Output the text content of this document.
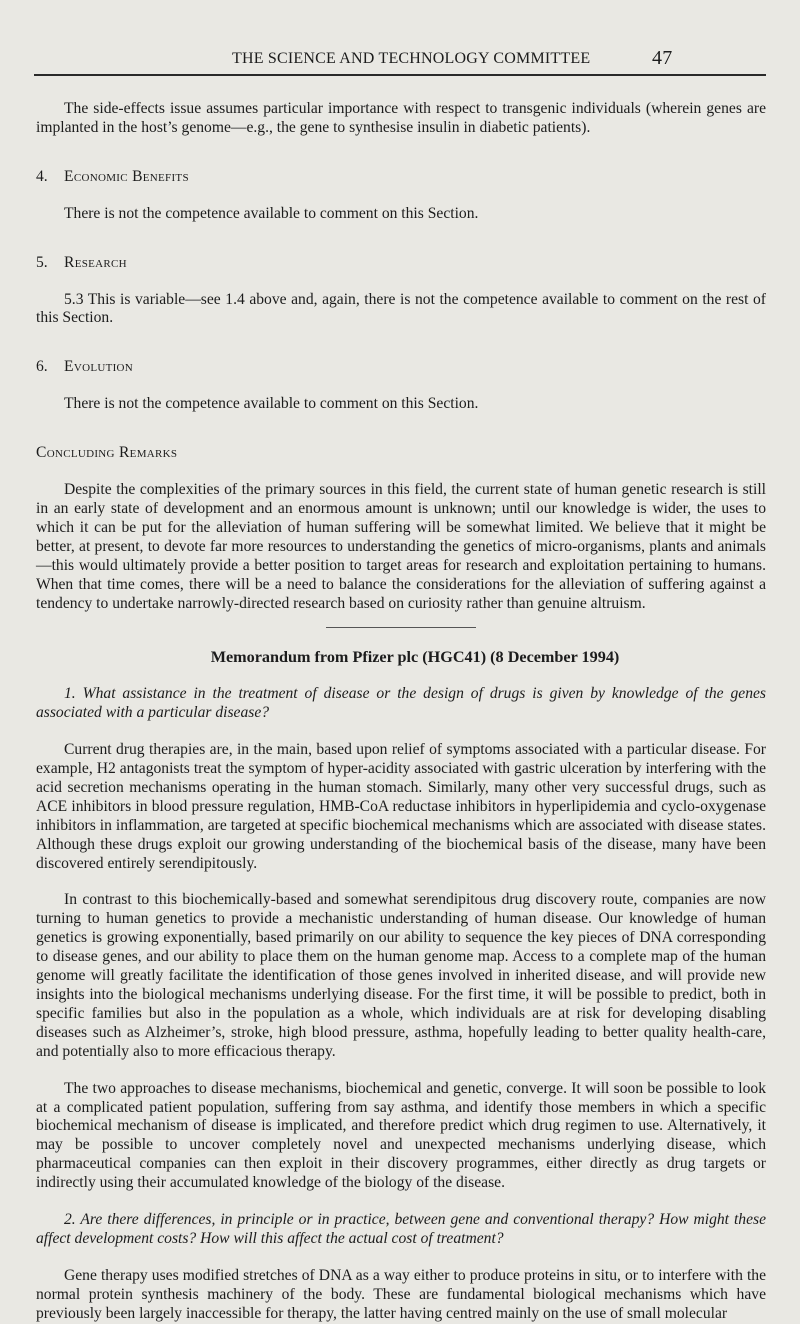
THE SCIENCE AND TECHNOLOGY COMMITTEE	47

The side-effects issue assumes particular importance with respect to transgenic individuals (wherein genes are implanted in the host’s genome—e.g., the gene to synthesise insulin in diabetic patients).

4. Economic Benefits

There is not the competence available to comment on this Section.

5. Research

5.3 This is variable—see 1.4 above and, again, there is not the competence available to comment on the rest of this Section.

6. Evolution

There is not the competence available to comment on this Section.

Concluding Remarks

Despite the complexities of the primary sources in this field, the current state of human genetic research is still in an early state of development and an enormous amount is unknown; until our knowledge is wider, the uses to which it can be put for the alleviation of human suffering will be somewhat limited. We believe that it might be better, at present, to devote far more resources to understanding the genetics of micro-organisms, plants and animals—this would ultimately provide a better position to target areas for research and exploitation pertaining to humans. When that time comes, there will be a need to balance the considerations for the alleviation of suffering against a tendency to undertake narrowly-directed research based on curiosity rather than genuine altruism.

Memorandum from Pfizer plc (HGC41) (8 December 1994)

1. What assistance in the treatment of disease or the design of drugs is given by knowledge of the genes associated with a particular disease?

Current drug therapies are, in the main, based upon relief of symptoms associated with a particular disease. For example, H2 antagonists treat the symptom of hyper-acidity associated with gastric ulceration by interfering with the acid secretion mechanisms operating in the human stomach. Similarly, many other very successful drugs, such as ACE inhibitors in blood pressure regulation, HMB-CoA reductase inhibitors in hyperlipidemia and cyclo-oxygenase inhibitors in inflammation, are targeted at specific biochemical mechanisms which are associated with disease states. Although these drugs exploit our growing understanding of the biochemical basis of the disease, many have been discovered entirely serendipitously.

In contrast to this biochemically-based and somewhat serendipitous drug discovery route, companies are now turning to human genetics to provide a mechanistic understanding of human disease. Our knowledge of human genetics is growing exponentially, based primarily on our ability to sequence the key pieces of DNA corresponding to disease genes, and our ability to place them on the human genome map. Access to a complete map of the human genome will greatly facilitate the identification of those genes involved in inherited disease, and will provide new insights into the biological mechanisms underlying disease. For the first time, it will be possible to predict, both in specific families but also in the population as a whole, which individuals are at risk for developing disabling diseases such as Alzheimer’s, stroke, high blood pressure, asthma, hopefully leading to better quality health-care, and potentially also to more efficacious therapy.

The two approaches to disease mechanisms, biochemical and genetic, converge. It will soon be possible to look at a complicated patient population, suffering from say asthma, and identify those members in which a specific biochemical mechanism of disease is implicated, and therefore predict which drug regimen to use. Alternatively, it may be possible to uncover completely novel and unexpected mechanisms underlying disease, which pharmaceutical companies can then exploit in their discovery programmes, either directly as drug targets or indirectly using their accumulated knowledge of the biology of the disease.

2. Are there differences, in principle or in practice, between gene and conventional therapy? How might these affect development costs? How will this affect the actual cost of treatment?

Gene therapy uses modified stretches of DNA as a way either to produce proteins in situ, or to interfere with the normal protein synthesis machinery of the body. These are fundamental biological mechanisms which have previously been largely inaccessible for therapy, the latter having centred mainly on the use of small molecular
